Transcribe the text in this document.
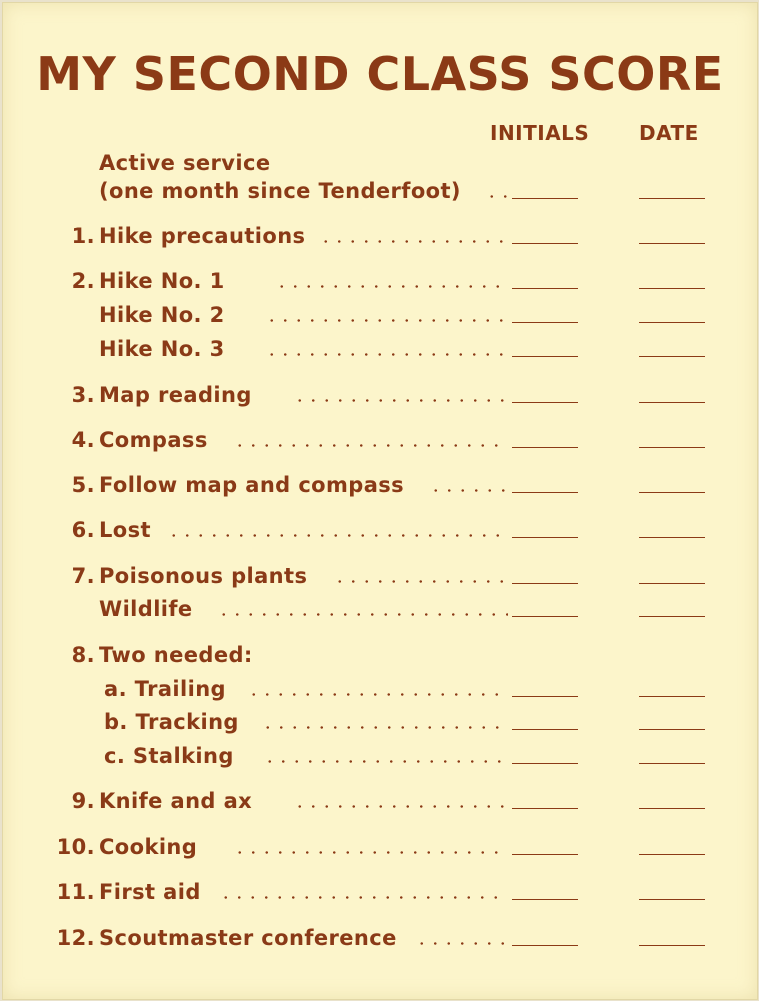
MY SECOND CLASS SCORE
INITIALS DATE
Active service
(one month since Tenderfoot)
1. Hike precautions
2. Hike No. 1
Hike No. 2
Hike No. 3
3. Map reading
4. Compass
5. Follow map and compass
6. Lost
7. Poisonous plants
Wildlife
8. Two needed:
a. Trailing
b. Tracking
c. Stalking
9. Knife and ax
10. Cooking
11. First aid
12. Scoutmaster conference
